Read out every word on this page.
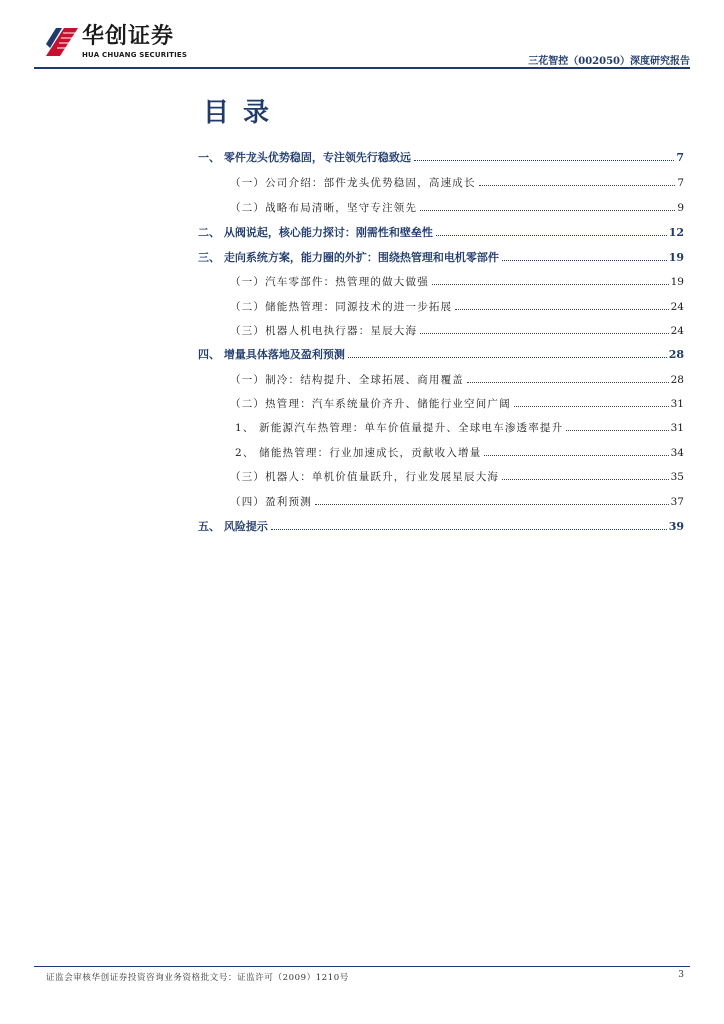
华创证券
HUA CHUANG SECURITIES
三花智控（002050）深度研究报告
目录
一、 零件龙头优势稳固，专注领先行稳致远	7
（一）公司介绍：部件龙头优势稳固，高速成长	7
（二）战略布局清晰，坚守专注领先	9
二、 从阀说起，核心能力探讨：刚需性和壁垒性	12
三、 走向系统方案，能力圈的外扩：围绕热管理和电机零部件	19
（一）汽车零部件：热管理的做大做强	19
（二）储能热管理：同源技术的进一步拓展	24
（三）机器人机电执行器：星辰大海	24
四、 增量具体落地及盈利预测	28
（一）制冷：结构提升、全球拓展、商用覆盖	28
（二）热管理：汽车系统量价齐升、储能行业空间广阔	31
1、 新能源汽车热管理：单车价值量提升、全球电车渗透率提升	31
2、 储能热管理：行业加速成长，贡献收入增量	34
（三）机器人：单机价值量跃升，行业发展星辰大海	35
（四）盈利预测	37
五、 风险提示	39
证监会审核华创证券投资咨询业务资格批文号：证监许可（2009）1210号	3
